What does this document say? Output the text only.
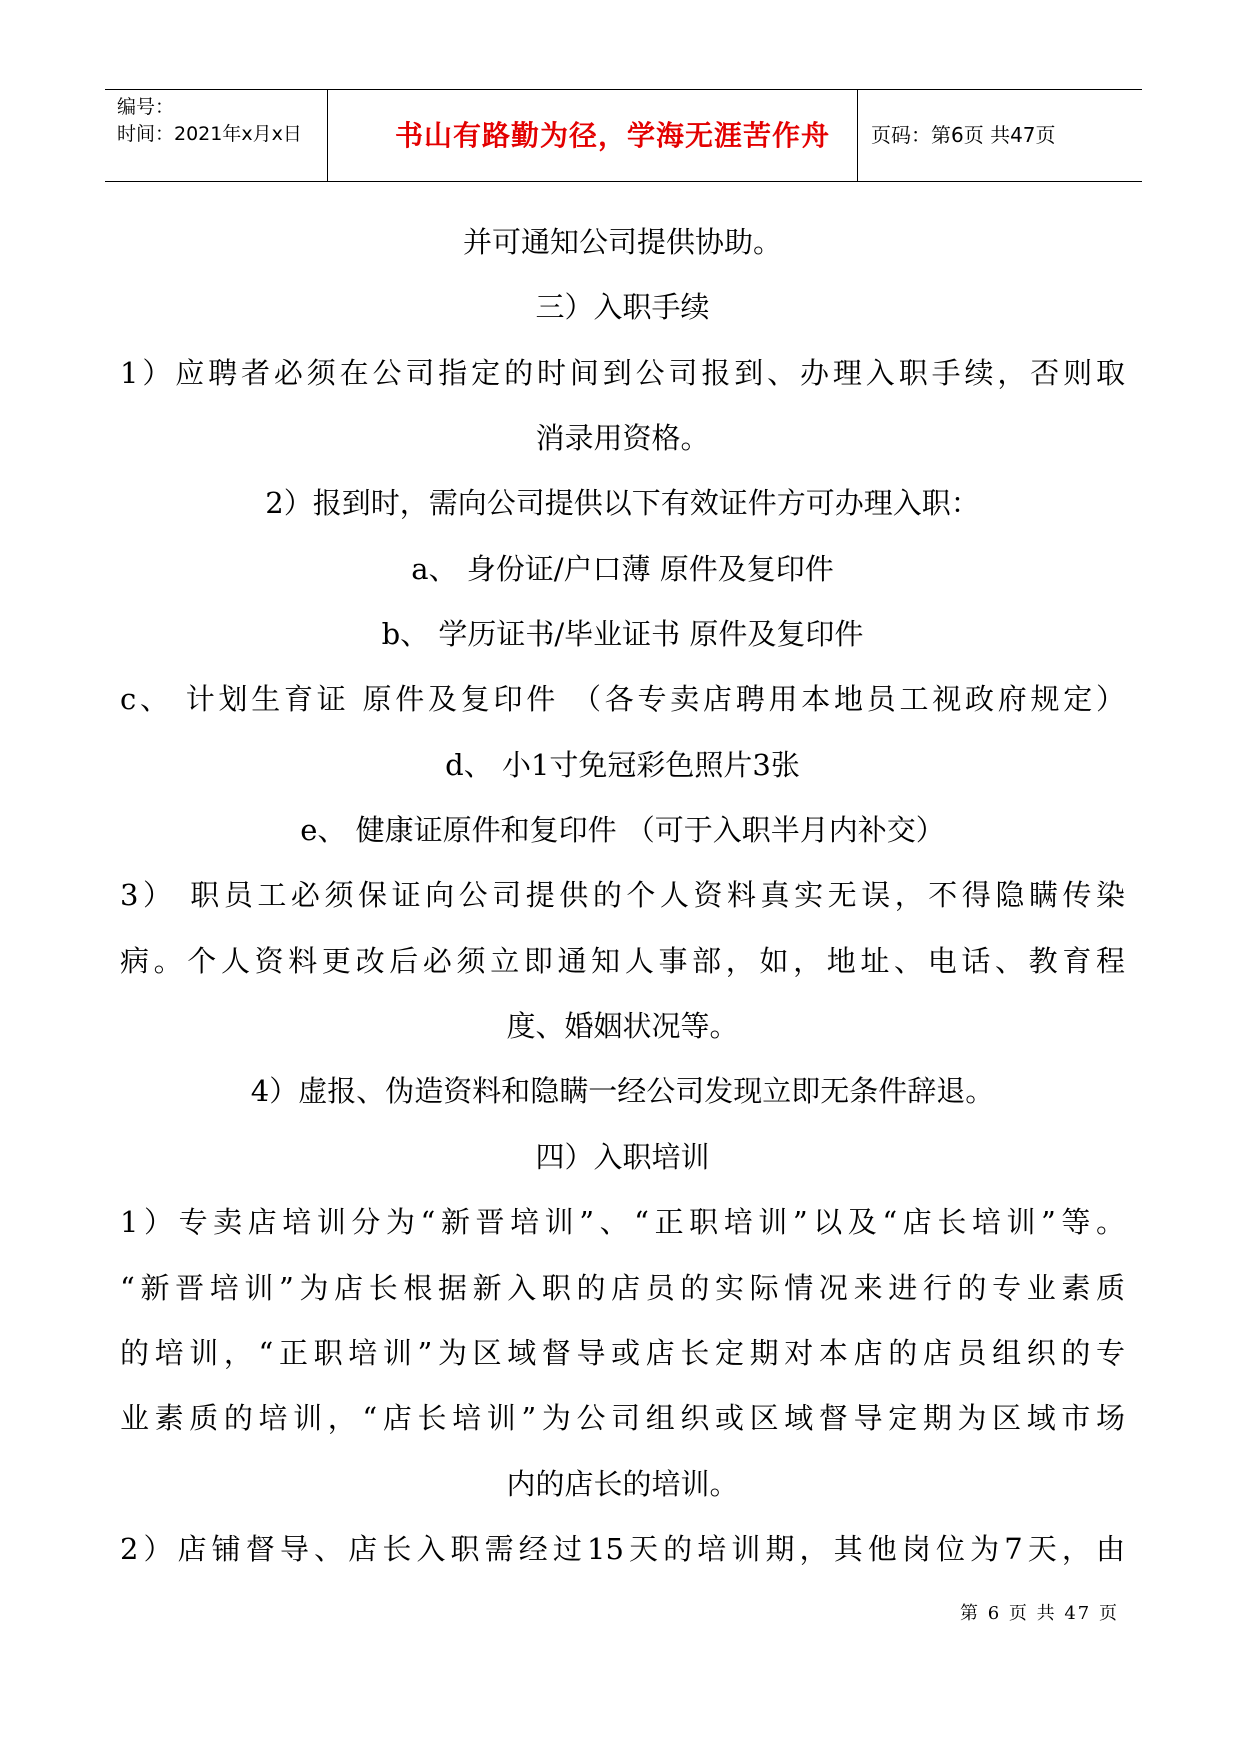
编号：
时间：2021年x月x日	书山有路勤为径，学海无涯苦作舟	页码：第6页 共47页
并可通知公司提供协助。
三）入职手续
1）应聘者必须在公司指定的时间到公司报到、办理入职手续，否则取
消录用资格。
2）报到时，需向公司提供以下有效证件方可办理入职：
a、 身份证/户口薄 原件及复印件
b、 学历证书/毕业证书 原件及复印件
c、 计划生育证 原件及复印件 （各专卖店聘用本地员工视政府规定）
d、 小1寸免冠彩色照片3张
e、 健康证原件和复印件 （可于入职半月内补交）
3） 职员工必须保证向公司提供的个人资料真实无误，不得隐瞒传染
病。个人资料更改后必须立即通知人事部，如，地址、电话、教育程
度、婚姻状况等。
4）虚报、伪造资料和隐瞒一经公司发现立即无条件辞退。
四）入职培训
1）专卖店培训分为“新晋培训”、“正职培训”以及“店长培训”等。
“新晋培训”为店长根据新入职的店员的实际情况来进行的专业素质
的培训，“正职培训”为区域督导或店长定期对本店的店员组织的专
业素质的培训，“店长培训”为公司组织或区域督导定期为区域市场
内的店长的培训。
2）店铺督导、店长入职需经过15天的培训期，其他岗位为7天，由
第 6 页 共 47 页
